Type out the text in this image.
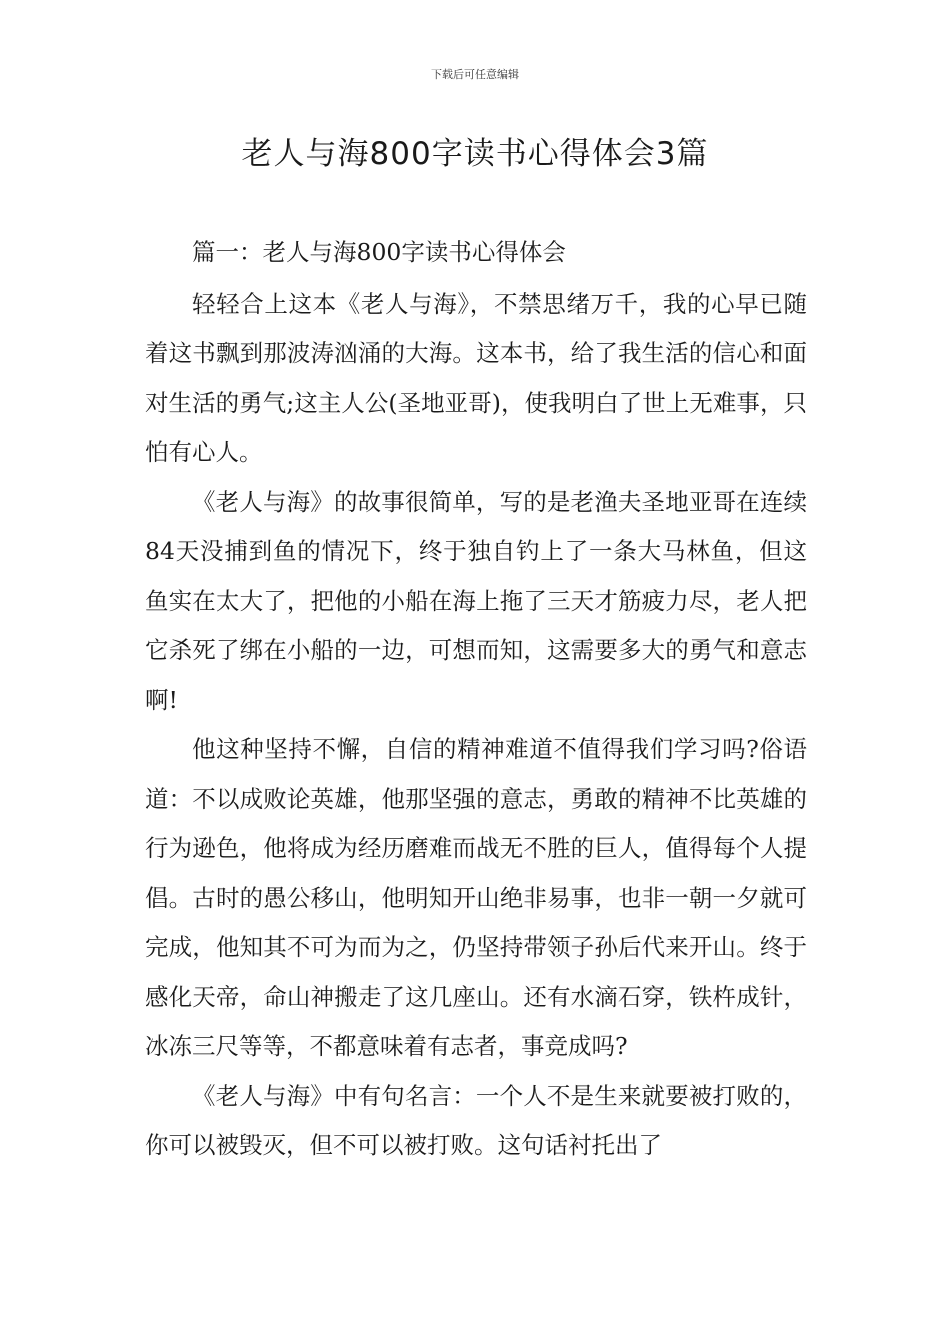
下载后可任意编辑
老人与海800字读书心得体会3篇

篇一：老人与海800字读书心得体会

轻轻合上这本《老人与海》，不禁思绪万千，我的心早已随着这书飘到那波涛汹涌的大海。这本书，给了我生活的信心和面对生活的勇气;这主人公(圣地亚哥)，使我明白了世上无难事，只怕有心人。

《老人与海》的故事很简单，写的是老渔夫圣地亚哥在连续84天没捕到鱼的情况下，终于独自钓上了一条大马林鱼，但这鱼实在太大了，把他的小船在海上拖了三天才筋疲力尽，老人把它杀死了绑在小船的一边，可想而知，这需要多大的勇气和意志啊!

他这种坚持不懈，自信的精神难道不值得我们学习吗?俗语道：不以成败论英雄，他那坚强的意志，勇敢的精神不比英雄的行为逊色，他将成为经历磨难而战无不胜的巨人，值得每个人提倡。古时的愚公移山，他明知开山绝非易事，也非一朝一夕就可完成，他知其不可为而为之，仍坚持带领子孙后代来开山。终于感化天帝，命山神搬走了这几座山。还有水滴石穿，铁杵成针，冰冻三尺等等，不都意味着有志者，事竞成吗?

《老人与海》中有句名言：一个人不是生来就要被打败的，你可以被毁灭，但不可以被打败。这句话衬托出了
